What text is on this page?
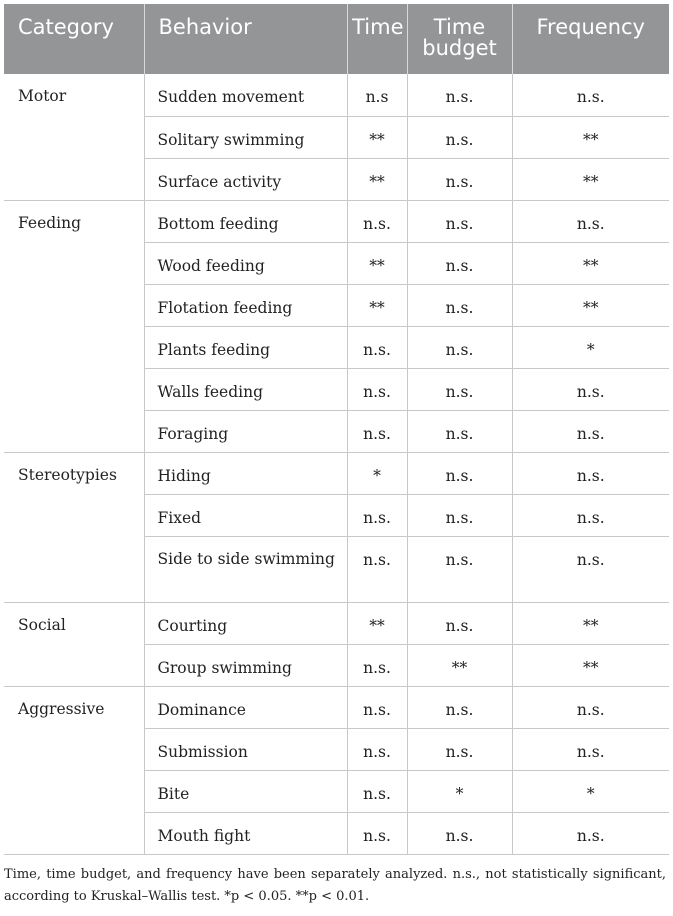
Category	Behavior	Time	Time budget	Frequency

Motor	Sudden movement	n.s	n.s.	n.s.

	Solitary swimming	**	n.s.	**

	Surface activity	**	n.s.	**

Feeding	Bottom feeding	n.s.	n.s.	n.s.

	Wood feeding	**	n.s.	**

	Flotation feeding	**	n.s.	**

	Plants feeding	n.s.	n.s.	*

	Walls feeding	n.s.	n.s.	n.s.

	Foraging	n.s.	n.s.	n.s.

Stereotypies	Hiding	*	n.s.	n.s.

	Fixed	n.s.	n.s.	n.s.

	Side to side swimming	n.s.	n.s.	n.s.

Social	Courting	**	n.s.	**

	Group swimming	n.s.	**	**

Aggressive	Dominance	n.s.	n.s.	n.s.

	Submission	n.s.	n.s.	n.s.

	Bite	n.s.	*	*

	Mouth fight	n.s.	n.s.	n.s.
Time, time budget, and frequency have been separately analyzed. n.s., not statistically significant, according to Kruskal–Wallis test. *p < 0.05. **p < 0.01.
